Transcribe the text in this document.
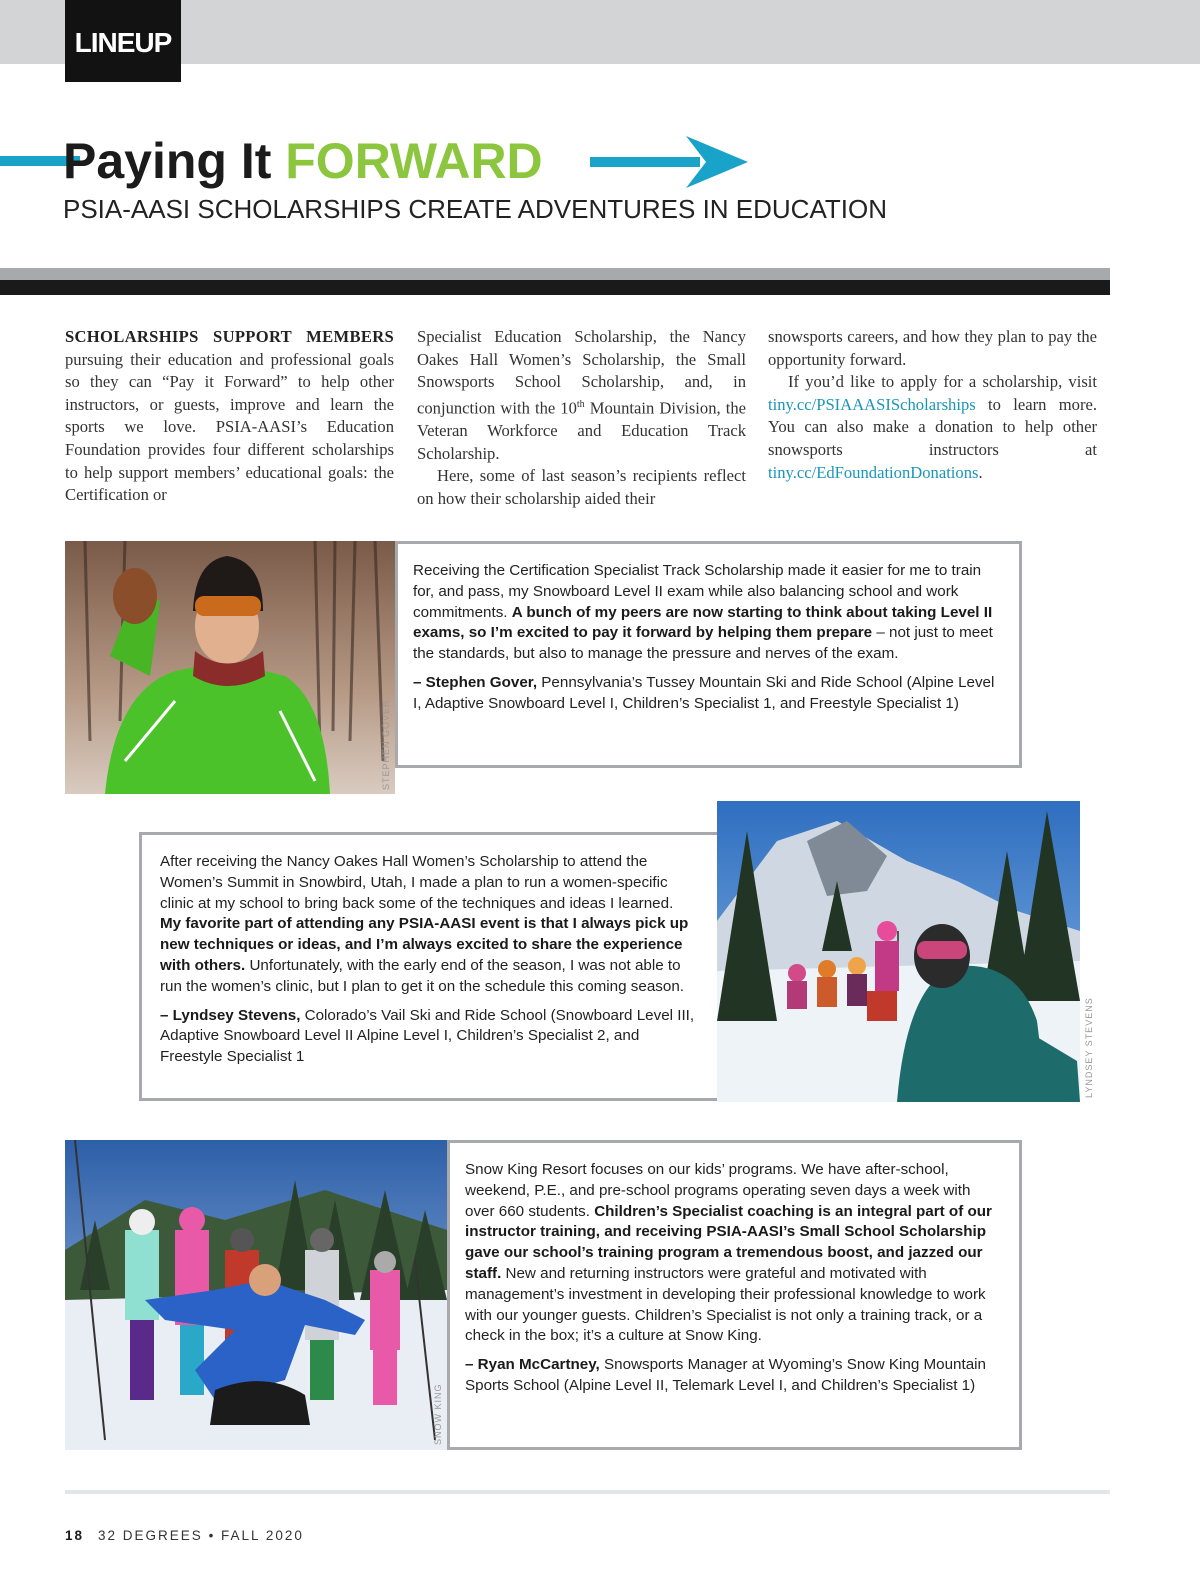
LINEUP
Paying It FORWARD
PSIA-AASI SCHOLARSHIPS CREATE ADVENTURES IN EDUCATION

SCHOLARSHIPS SUPPORT MEMBERS pursuing their education and professional goals so they can “Pay it Forward” to help other instructors, or guests, improve and learn the sports we love. PSIA-AASI’s Education Foundation provides four different scholarships to help support members’ educational goals: the Certification or

Specialist Education Scholarship, the Nancy Oakes Hall Women’s Scholarship, the Small Snowsports School Scholarship, and, in conjunction with the 10th Mountain Division, the Veteran Workforce and Education Track Scholarship.

Here, some of last season’s recipients reflect on how their scholarship aided their

snowsports careers, and how they plan to pay the opportunity forward.

If you’d like to apply for a scholarship, visit tiny.cc/PSIAAASIScholarships to learn more. You can also make a donation to help other snowsports instructors at tiny.cc/EdFoundationDonations.

STEPHEN GOVER

Receiving the Certification Specialist Track Scholarship made it easier for me to train for, and pass, my Snowboard Level II exam while also balancing school and work commitments. A bunch of my peers are now starting to think about taking Level II exams, so I’m excited to pay it forward by helping them prepare – not just to meet the standards, but also to manage the pressure and nerves of the exam.

– Stephen Gover, Pennsylvania’s Tussey Mountain Ski and Ride School (Alpine Level I, Adaptive Snowboard Level I, Children’s Specialist 1, and Freestyle Specialist 1)

After receiving the Nancy Oakes Hall Women’s Scholarship to attend the Women’s Summit in Snowbird, Utah, I made a plan to run a women-specific clinic at my school to bring back some of the techniques and ideas I learned. My favorite part of attending any PSIA-AASI event is that I always pick up new techniques or ideas, and I’m always excited to share the experience with others. Unfortunately, with the early end of the season, I was not able to run the women’s clinic, but I plan to get it on the schedule this coming season.

– Lyndsey Stevens, Colorado’s Vail Ski and Ride School (Snowboard Level III, Adaptive Snowboard Level II Alpine Level I, Children’s Specialist 2, and Freestyle Specialist 1	LYNDSEY STEVENS
SNOW KING

Snow King Resort focuses on our kids’ programs. We have after-school, weekend, P.E., and pre-school programs operating seven days a week with over 660 students. Children’s Specialist coaching is an integral part of our instructor training, and receiving PSIA-AASI’s Small School Scholarship gave our school’s training program a tremendous boost, and jazzed our staff. New and returning instructors were grateful and motivated with management’s investment in developing their professional knowledge to work with our younger guests. Children’s Specialist is not only a training track, or a check in the box; it’s a culture at Snow King.

– Ryan McCartney, Snowsports Manager at Wyoming’s Snow King Mountain Sports School (Alpine Level II, Telemark Level I, and Children’s Specialist 1)

18 32 DEGREES • FALL 2020
